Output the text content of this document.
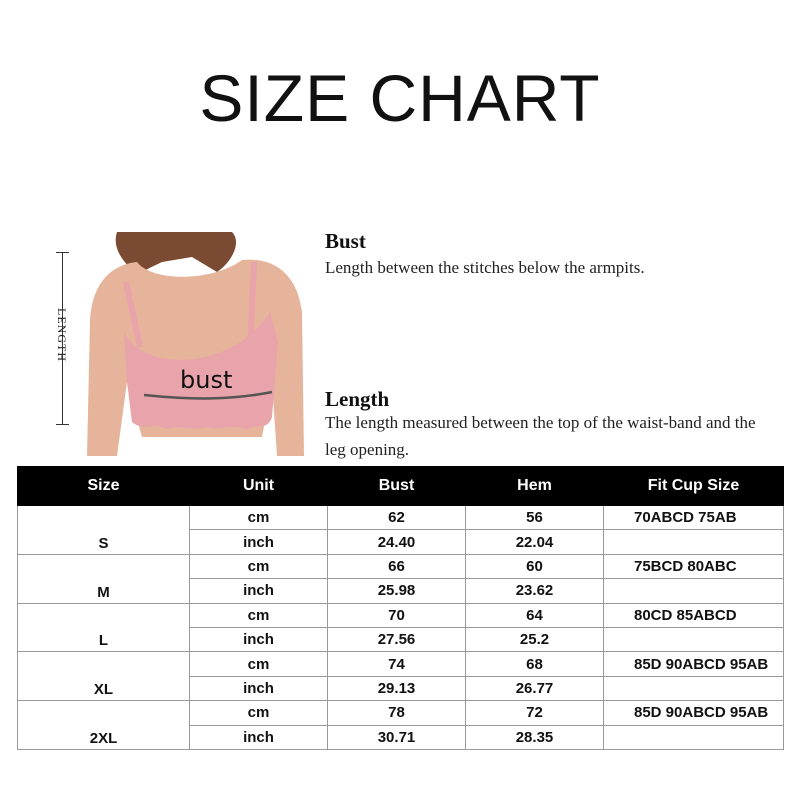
SIZE CHART
LENGTH
bust
Bust
Length between the stitches below the armpits.
Length
The length measured between the top of the waist-band and the leg opening.
Size	Unit	Bust	Hem	Fit Cup Size
S	cm	62	56	70ABCD 75AB
	inch	24.40	22.04	
M	cm	66	60	75BCD 80ABC
	inch	25.98	23.62	
L	cm	70	64	80CD 85ABCD
	inch	27.56	25.2	
XL	cm	74	68	85D 90ABCD 95AB
	inch	29.13	26.77	
2XL	cm	78	72	85D 90ABCD 95AB
	inch	30.71	28.35	
